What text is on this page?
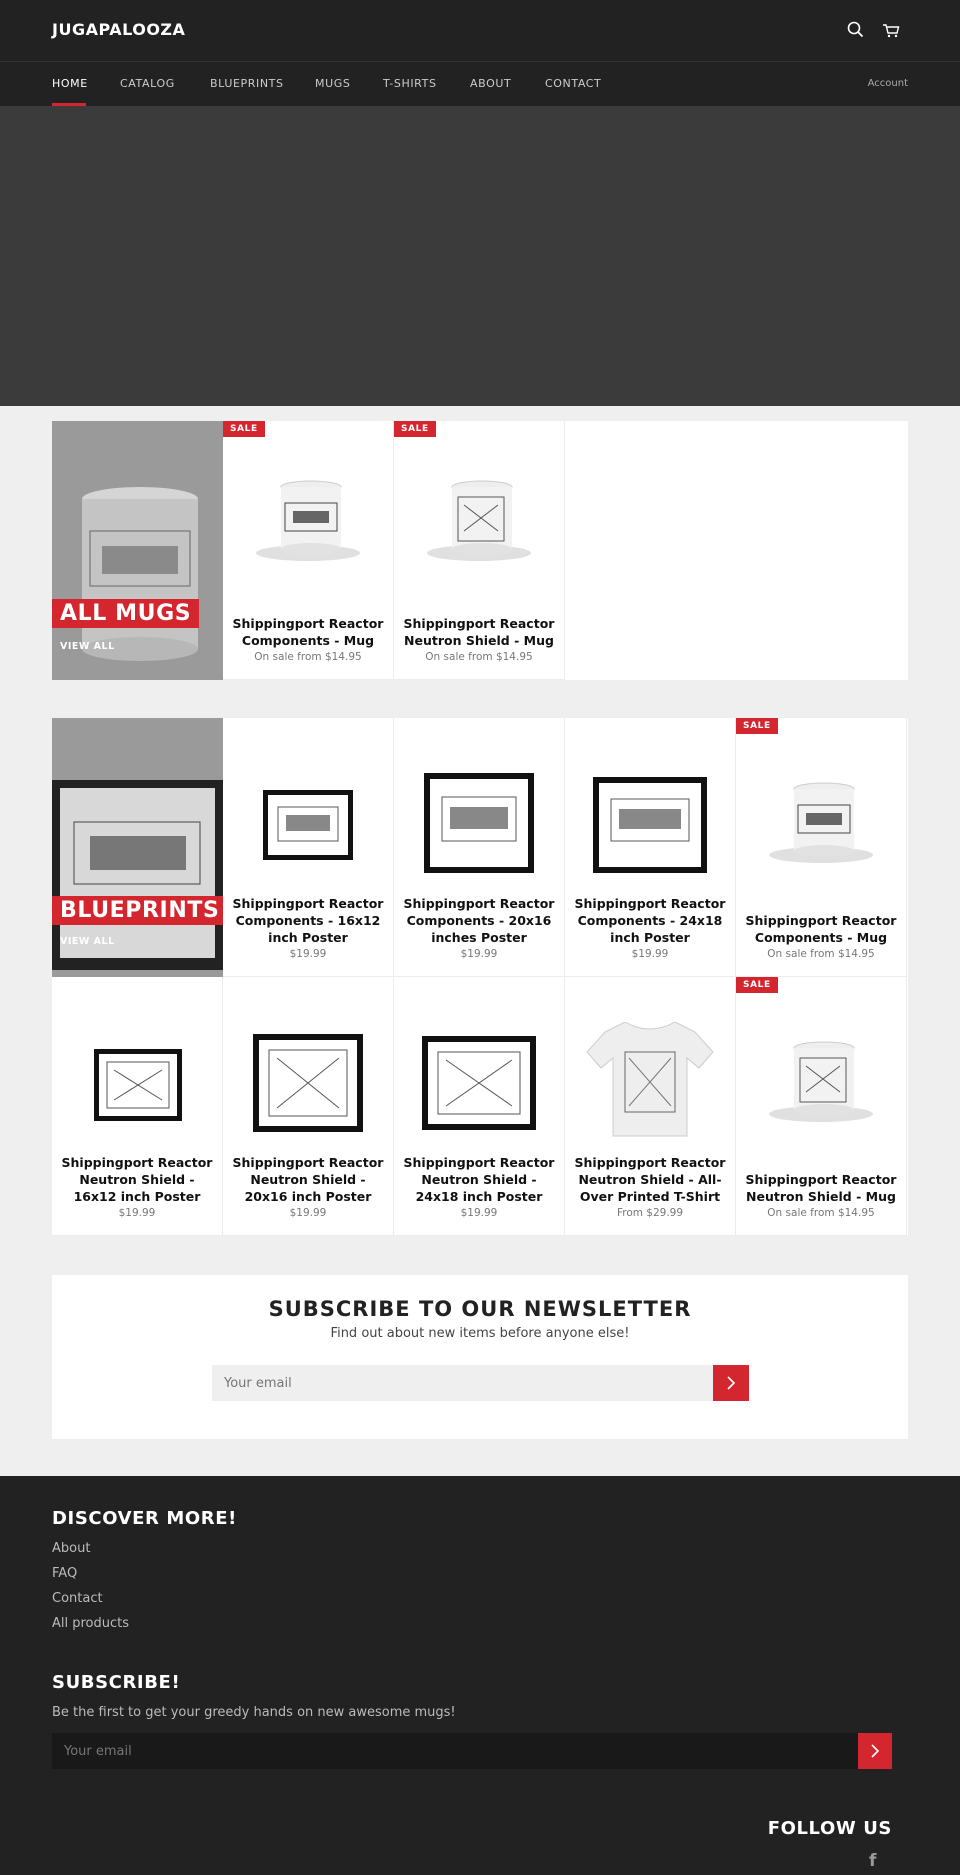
JUGAPALOOZA
HOME	CATALOG	BLUEPRINTS	MUGS	T-SHIRTS	ABOUT	CONTACT	Account
ALL MUGS
VIEW ALL
SALE
Shippingport Reactor Components - Mug
On sale from $14.95
SALE
Shippingport Reactor Neutron Shield - Mug
On sale from $14.95
BLUEPRINTS
VIEW ALL
Shippingport Reactor Components - 16x12 inch Poster
$19.99
Shippingport Reactor Components - 20x16 inches Poster
$19.99
Shippingport Reactor Components - 24x18 inch Poster
$19.99
SALE
Shippingport Reactor Components - Mug
On sale from $14.95
Shippingport Reactor Neutron Shield - 16x12 inch Poster
$19.99
Shippingport Reactor Neutron Shield - 20x16 inch Poster
$19.99
Shippingport Reactor Neutron Shield - 24x18 inch Poster
$19.99
Shippingport Reactor Neutron Shield - All-Over Printed T-Shirt
From $29.99
SALE
Shippingport Reactor Neutron Shield - Mug
On sale from $14.95
SUBSCRIBE TO OUR NEWSLETTER
Find out about new items before anyone else!
Your email
DISCOVER MORE!
About
FAQ
Contact
All products
SUBSCRIBE!
Be the first to get your greedy hands on new awesome mugs!
Your email
FOLLOW US
f
